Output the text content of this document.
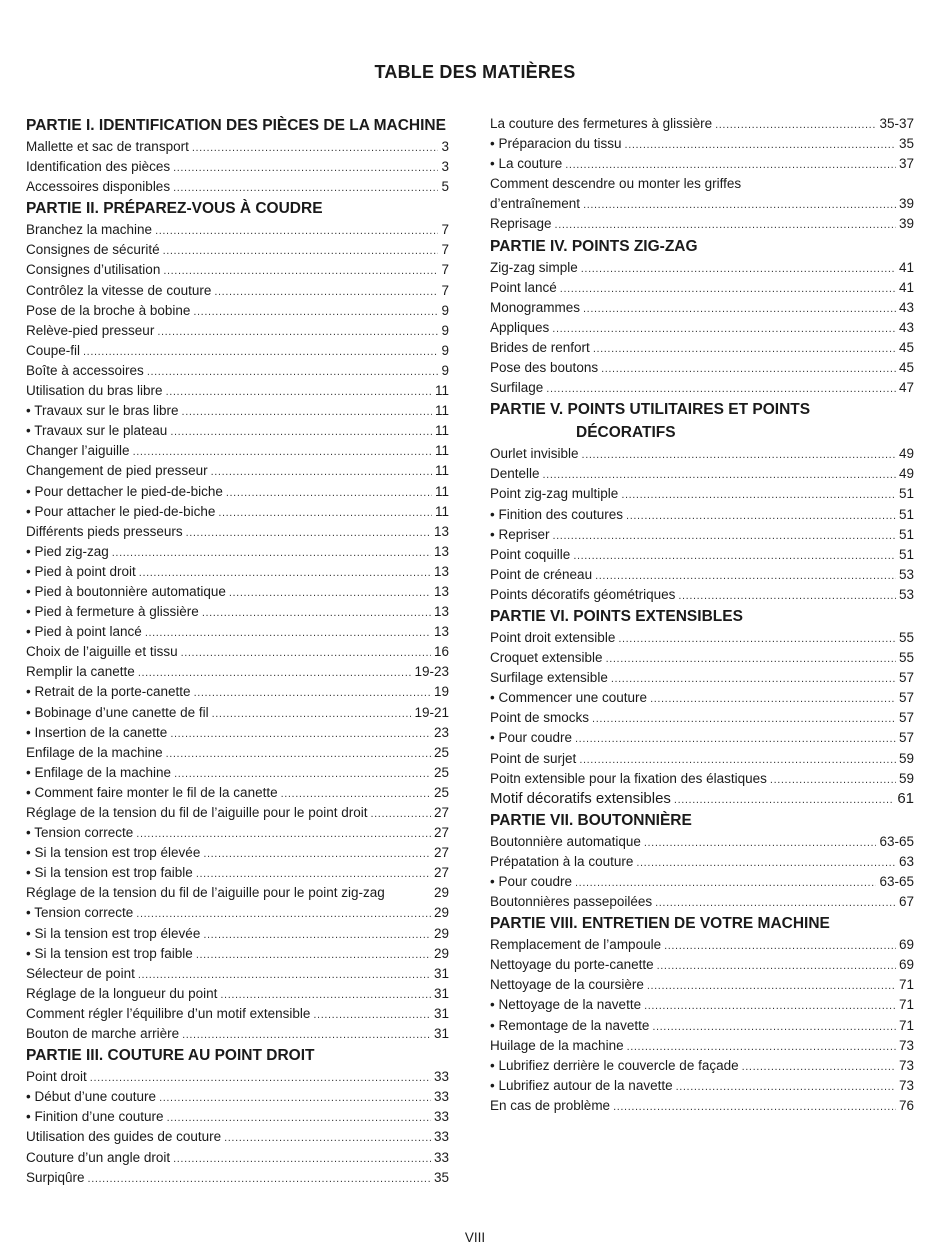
TABLE DES MATIÈRES
PARTIE I. IDENTIFICATION DES PIÈCES DE LA MACHINE
Mallette et sac de transport .....	3
Identification des pièces .....	3
Accessoires disponibles .....	5
PARTIE II. PRÉPAREZ-VOUS À COUDRE
Branchez la machine .....	7
Consignes de sécurité .....	7
Consignes d’utilisation .....	7
Contrôlez la vitesse de couture .....	7
Pose de la broche à bobine .....	9
Relève-pied presseur .....	9
Coupe-fil .....	9
Boîte à accessoires .....	9
Utilisation du bras libre .....	11
• Travaux sur le bras libre .....	11
• Travaux sur le plateau .....	11
Changer l’aiguille .....	11
Changement de pied presseur .....	11
• Pour dettacher le pied-de-biche .....	11
• Pour attacher le pied-de-biche .....	11
Différents pieds presseurs .....	13
• Pied zig-zag .....	13
• Pied à point droit .....	13
• Pied à boutonnière automatique .....	13
• Pied à fermeture à glissière .....	13
• Pied à point lancé .....	13
Choix de l’aiguille et tissu .....	16
Remplir la canette .....	19-23
• Retrait de la porte-canette .....	19
• Bobinage d’une canette de fil .....	19-21
• Insertion de la canette .....	23
Enfilage de la machine .....	25
• Enfilage de la machine .....	25
• Comment faire monter le fil de la canette .....	25
Réglage de la tension du fil de l’aiguille pour le point droit .....	27
• Tension correcte .....	27
• Si la tension est trop élevée .....	27
• Si la tension est trop faible .....	27
Réglage de la tension du fil de l’aiguille pour le point zig-zag	29
• Tension correcte .....	29
• Si la tension est trop élevée .....	29
• Si la tension est trop faible .....	29
Sélecteur de point .....	31
Réglage de la longueur du point .....	31
Comment régler l’équilibre d’un motif extensible .....	31
Bouton de marche arrière .....	31
PARTIE III. COUTURE AU POINT DROIT
Point droit .....	33
• Début d’une couture .....	33
• Finition d’une couture .....	33
Utilisation des guides de couture .....	33
Couture d’un angle droit .....	33
Surpiqûre .....	35
La couture des fermetures à glissière .....	35-37
• Préparacion du tissu .....	35
• La couture .....	37
Comment descendre ou monter les griffes
d’entraînement .....	39
Reprisage .....	39
PARTIE IV. POINTS ZIG-ZAG
Zig-zag simple .....	41
Point lancé .....	41
Monogrammes .....	43
Appliques .....	43
Brides de renfort .....	45
Pose des boutons .....	45
Surfilage .....	47
PARTIE V. POINTS UTILITAIRES ET POINTS
DÉCORATIFS
Ourlet invisible .....	49
Dentelle .....	49
Point zig-zag multiple .....	51
• Finition des coutures .....	51
• Repriser .....	51
Point coquille .....	51
Point de créneau .....	53
Points décoratifs géométriques .....	53
PARTIE VI. POINTS EXTENSIBLES
Point droit extensible .....	55
Croquet extensible .....	55
Surfilage extensible .....	57
• Commencer une couture .....	57
Point de smocks .....	57
• Pour coudre .....	57
Point de surjet .....	59
Poitn extensible pour la fixation des élastiques .....	59
Motif décoratifs extensibles .....	61
PARTIE VII. BOUTONNIÈRE
Boutonnière automatique .....	63-65
Prépatation à la couture .....	63
• Pour coudre .....	63-65
Boutonnières passepoilées .....	67
PARTIE VIII. ENTRETIEN DE VOTRE MACHINE
Remplacement de l’ampoule .....	69
Nettoyage du porte-canette .....	69
Nettoyage de la coursière .....	71
• Nettoyage de la navette .....	71
• Remontage de la navette .....	71
Huilage de la machine .....	73
• Lubrifiez derrière le couvercle de façade .....	73
• Lubrifiez autour de la navette .....	73
En cas de problème .....	76
VIII
